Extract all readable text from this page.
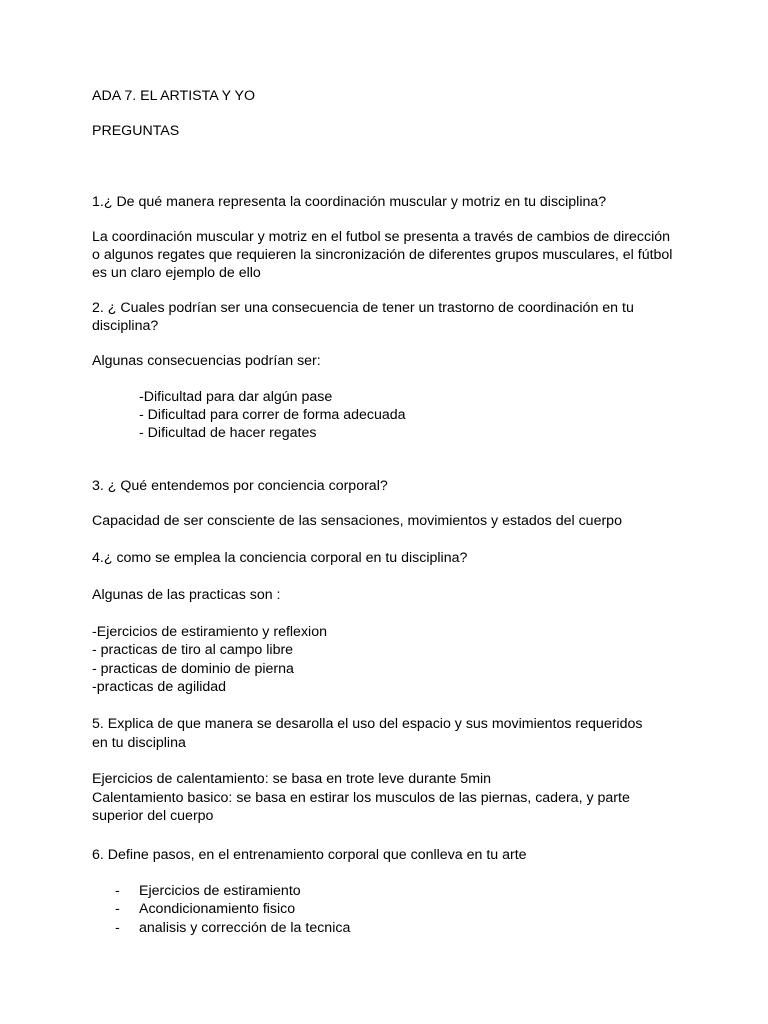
ADA 7. EL ARTISTA Y YO

PREGUNTAS

1.¿ De qué manera representa la coordinación muscular y motriz en tu disciplina?

La coordinación muscular y motriz en el futbol se presenta a través de cambios de dirección

o algunos regates que requieren la sincronización de diferentes grupos musculares, el fútbol

es un claro ejemplo de ello

2. ¿ Cuales podrían ser una consecuencia de tener un trastorno de coordinación en tu

disciplina?

Algunas consecuencias podrían ser:

-Dificultad para dar algún pase

- Dificultad para correr de forma adecuada

- Dificultad de hacer regates

3. ¿ Qué entendemos por conciencia corporal?

Capacidad de ser consciente de las sensaciones, movimientos y estados del cuerpo

4.¿ como se emplea la conciencia corporal en tu disciplina?

Algunas de las practicas son :

-Ejercicios de estiramiento y reflexion

- practicas de tiro al campo libre

- practicas de dominio de pierna

-practicas de agilidad

5. Explica de que manera se desarolla el uso del espacio y sus movimientos requeridos

en tu disciplina

Ejercicios de calentamiento: se basa en trote leve durante 5min

Calentamiento basico: se basa en estirar los musculos de las piernas, cadera, y parte

superior del cuerpo

6. Define pasos, en el entrenamiento corporal que conlleva en tu arte

- Ejercicios de estiramiento
- Acondicionamiento fisico
- analisis y corrección de la tecnica
